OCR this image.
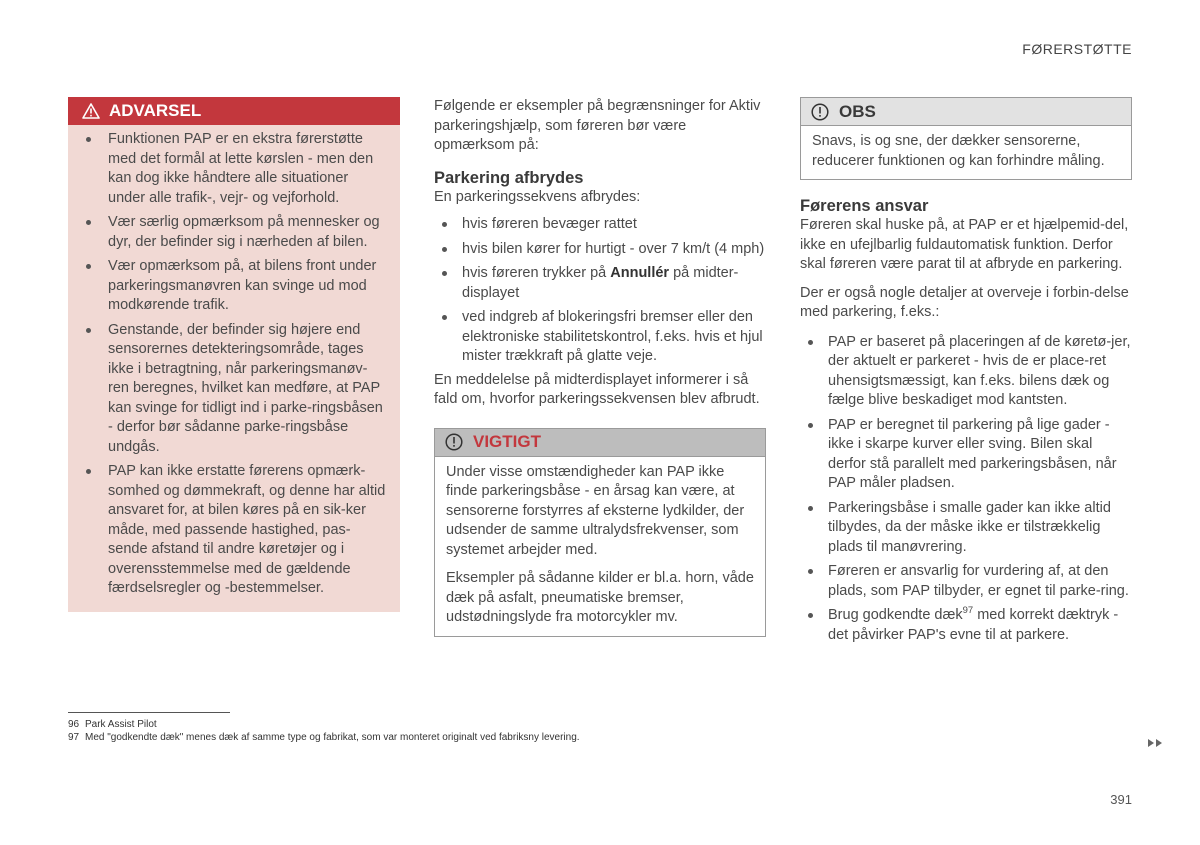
FØRERSTØTTE
ADVARSEL
Funktionen PAP er en ekstra førerstøtte med det formål at lette kørslen - men den kan dog ikke håndtere alle situationer under alle trafik-, vejr- og vejforhold.
Vær særlig opmærksom på mennesker og dyr, der befinder sig i nærheden af bilen.
Vær opmærksom på, at bilens front under parkeringsmanøvren kan svinge ud mod modkørende trafik.
Genstande, der befinder sig højere end sensorernes detekteringsområde, tages ikke i betragtning, når parkeringsmanøv-ren beregnes, hvilket kan medføre, at PAP kan svinge for tidligt ind i parke-ringsbåsen - derfor bør sådanne parke-ringsbåse undgås.
PAP kan ikke erstatte førerens opmærk-somhed og dømmekraft, og denne har altid ansvaret for, at bilen køres på en sik-ker måde, med passende hastighed, pas-sende afstand til andre køretøjer og i overensstemmelse med de gældende færdselsregler og -bestemmelser.

Følgende er eksempler på begrænsninger for Aktiv parkeringshjælp, som føreren bør være opmærksom på:

Parkering afbrydes

En parkeringssekvens afbrydes:

hvis føreren bevæger rattet
hvis bilen kører for hurtigt - over 7 km/t (4 mph)
hvis føreren trykker på Annullér på midter-displayet
ved indgreb af blokeringsfri bremser eller den elektroniske stabilitetskontrol, f.eks. hvis et hjul mister trækkraft på glatte veje.

En meddelelse på midterdisplayet informerer i så fald om, hvorfor parkeringssekvensen blev afbrudt.

VIGTIGT

Under visse omstændigheder kan PAP ikke finde parkeringsbåse - en årsag kan være, at sensorerne forstyrres af eksterne lydkilder, der udsender de samme ultralydsfrekvenser, som systemet arbejder med.

Eksempler på sådanne kilder er bl.a. horn, våde dæk på asfalt, pneumatiske bremser, udstødningslyde fra motorcykler mv.

OBS
Snavs, is og sne, der dækker sensorerne, reducerer funktionen og kan forhindre måling.
Førerens ansvar

Føreren skal huske på, at PAP er et hjælpemid-del, ikke en ufejlbarlig fuldautomatisk funktion. Derfor skal føreren være parat til at afbryde en parkering.

Der er også nogle detaljer at overveje i forbin-delse med parkering, f.eks.:

PAP er baseret på placeringen af de køretø-jer, der aktuelt er parkeret - hvis de er place-ret uhensigtsmæssigt, kan f.eks. bilens dæk og fælge blive beskadiget mod kantsten.
PAP er beregnet til parkering på lige gader - ikke i skarpe kurver eller sving. Bilen skal derfor stå parallelt med parkeringsbåsen, når PAP måler pladsen.
Parkeringsbåse i smalle gader kan ikke altid tilbydes, da der måske ikke er tilstrækkelig plads til manøvrering.
Føreren er ansvarlig for vurdering af, at den plads, som PAP tilbyder, er egnet til parke-ring.
Brug godkendte dæk$^{97}$ med korrekt dæktryk - det påvirker PAP's evne til at parkere.
96 Park Assist Pilot
97 Med "godkendte dæk" menes dæk af samme type og fabrikat, som var monteret originalt ved fabriksny levering.
391
